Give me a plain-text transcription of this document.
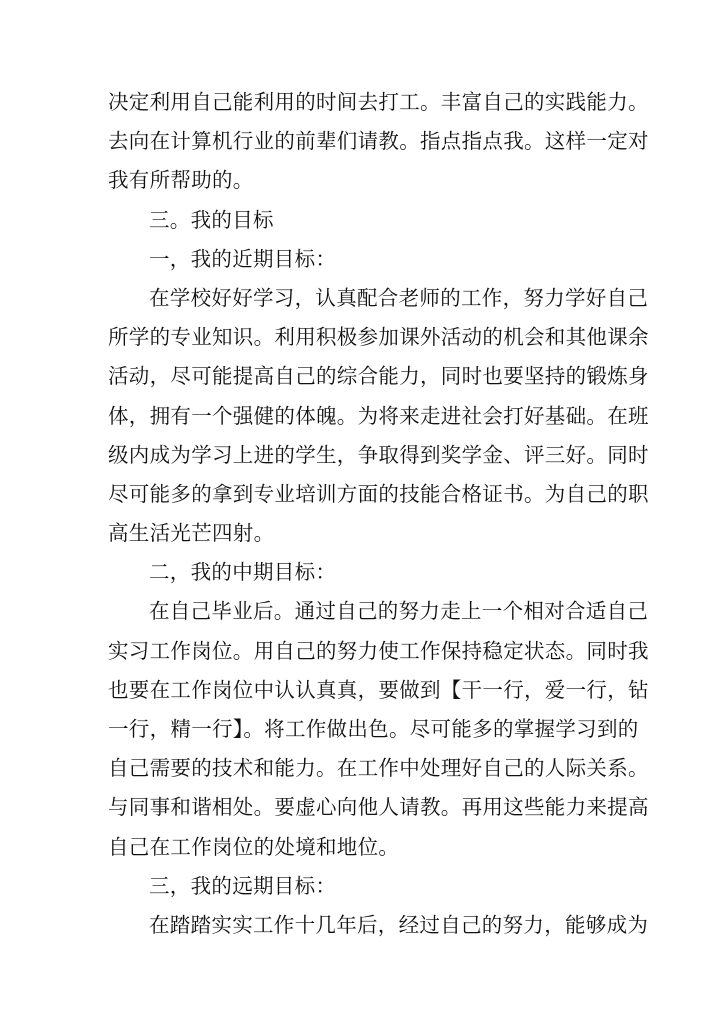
决定利用自己能利用的时间去打工。丰富自己的实践能力。
去向在计算机行业的前辈们请教。指点指点我。这样一定对
我有所帮助的。
三。我的目标
一，我的近期目标：
在学校好好学习，认真配合老师的工作，努力学好自己
所学的专业知识。利用积极参加课外活动的机会和其他课余
活动，尽可能提高自己的综合能力，同时也要坚持的锻炼身
体，拥有一个强健的体魄。为将来走进社会打好基础。在班
级内成为学习上进的学生，争取得到奖学金、评三好。同时
尽可能多的拿到专业培训方面的技能合格证书。为自己的职
高生活光芒四射。
二，我的中期目标：
在自己毕业后。通过自己的努力走上一个相对合适自己
实习工作岗位。用自己的努力使工作保持稳定状态。同时我
也要在工作岗位中认认真真，要做到【干一行，爱一行，钻
一行，精一行】。将工作做出色。尽可能多的掌握学习到的
自己需要的技术和能力。在工作中处理好自己的人际关系。
与同事和谐相处。要虚心向他人请教。再用这些能力来提高
自己在工作岗位的处境和地位。
三，我的远期目标：
在踏踏实实工作十几年后，经过自己的努力，能够成为
